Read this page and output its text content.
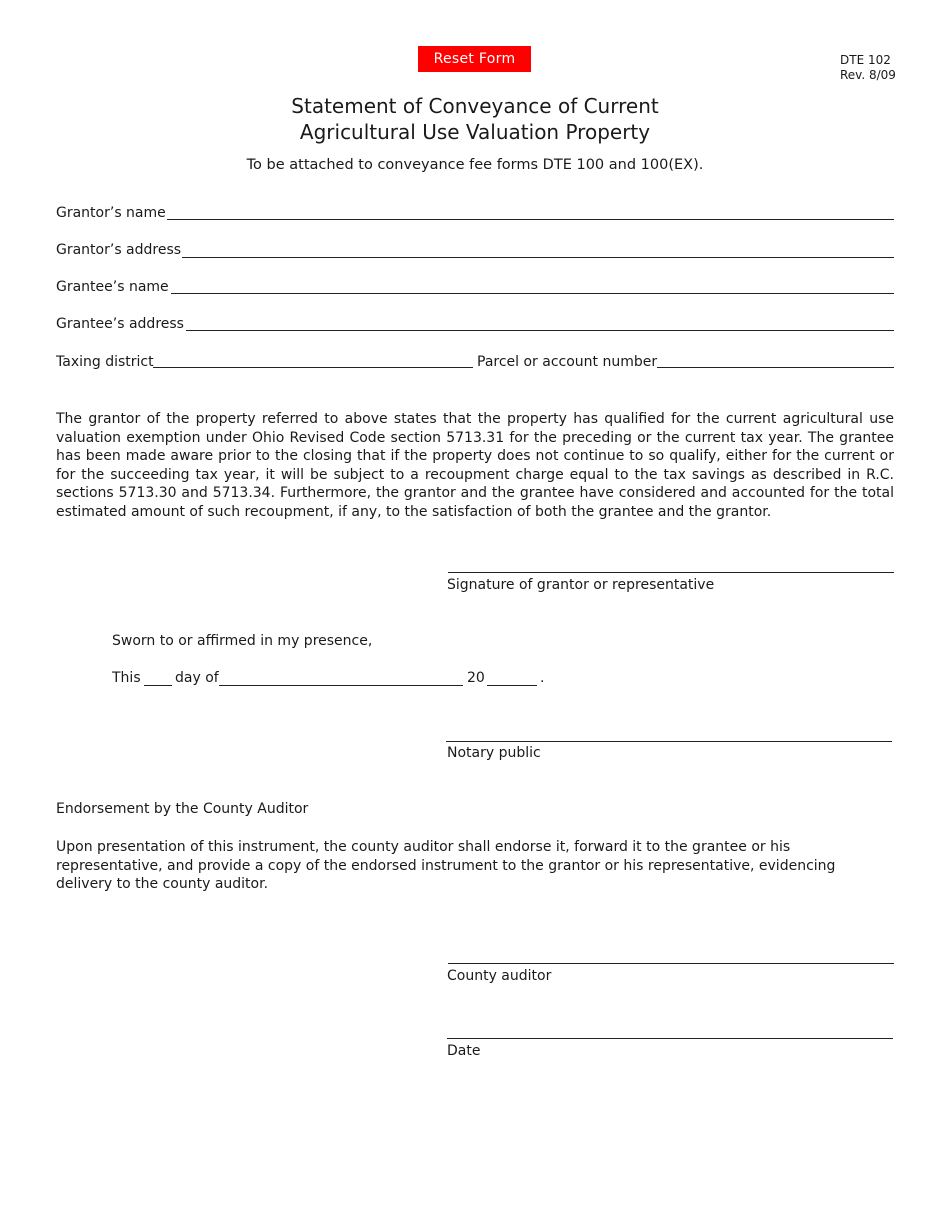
Reset Form	DTE 102
Rev. 8/09
Statement of Conveyance of Current
Agricultural Use Valuation Property
To be attached to conveyance fee forms DTE 100 and 100(EX).
Grantor’s name
Grantor’s address
Grantee’s name
Grantee’s address
Taxing district	Parcel or account number

The grantor of the property referred to above states that the property has qualified for the current agricultural use valuation exemption under Ohio Revised Code section 5713.31 for the preceding or the current tax year. The grantee has been made aware prior to the closing that if the property does not continue to so qualify, either for the current or for the succeeding tax year, it will be subject to a recoupment charge equal to the tax savings as described in R.C. sections 5713.30 and 5713.34. Furthermore, the grantor and the grantee have considered and accounted for the total estimated amount of such recoupment, if any, to the satisfaction of both the grantee and the grantor.

Signature of grantor or representative
Sworn to or affirmed in my presence,
This day of	20	.
Notary public
Endorsement by the County Auditor

Upon presentation of this instrument, the county auditor shall endorse it, forward it to the grantee or his representative, and provide a copy of the endorsed instrument to the grantor or his representative, evidencing delivery to the county auditor.

County auditor
Date
